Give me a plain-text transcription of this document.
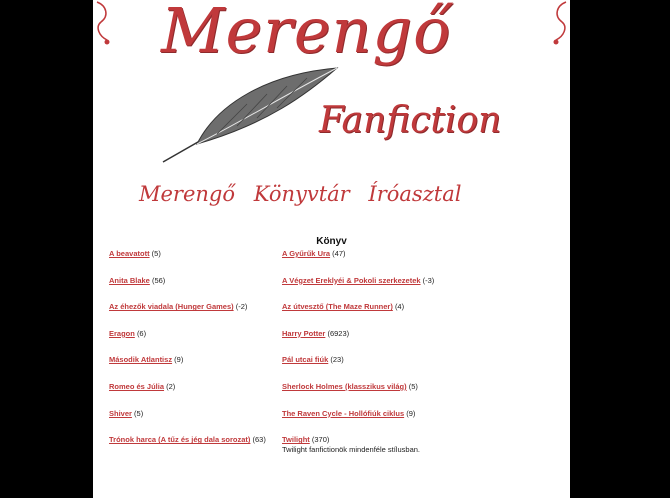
Merengő
Fanfiction
Merengő Könyvtár Íróasztal
Könyv
A beavatott (5)
Anita Blake (56)
Az éhezők viadala (Hunger Games) (-2)
Eragon (6)
Második Atlantisz (9)
Romeo és Júlia (2)
Shiver (5)
Trónok harca (A tűz és jég dala sorozat) (63)
A Gyűrűk Ura (47)
A Végzet Ereklyéi & Pokoli szerkezetek (-3)
Az útvesztő (The Maze Runner) (4)
Harry Potter (6923)
Pál utcai fiúk (23)
Sherlock Holmes (klasszikus világ) (5)
The Raven Cycle - Hollófiúk ciklus (9)
Twilight (370)
Twilight fanfictionök mindenféle stílusban.
